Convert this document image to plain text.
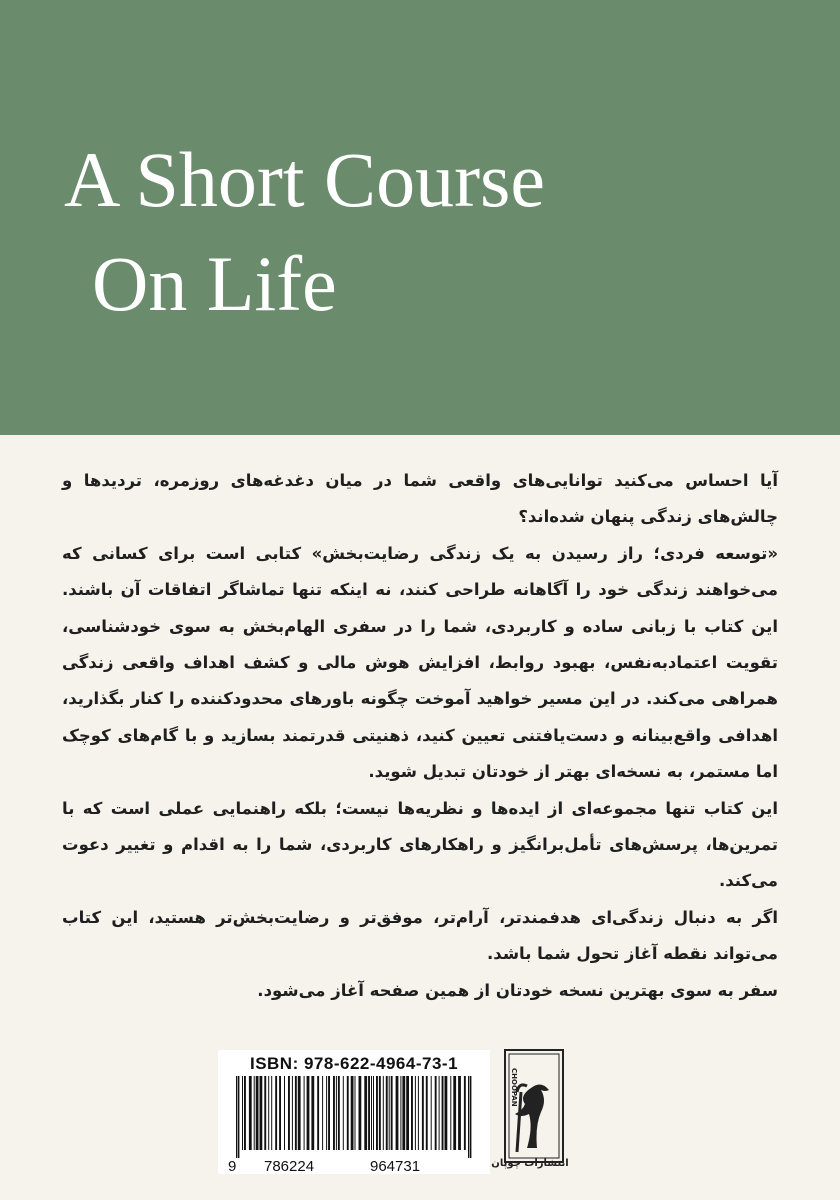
A Short Course
On Life

آیا احساس می‌کنید توانایی‌های واقعی شما در میان دغدغه‌های روزمره، تردیدها و چالش‌های زندگی پنهان شده‌اند؟

«توسعه فردی؛ راز رسیدن به یک زندگی رضایت‌بخش» کتابی است برای کسانی که می‌خواهند زندگی خود را آگاهانه طراحی کنند، نه اینکه تنها تماشاگر اتفاقات آن باشند. این کتاب با زبانی ساده و کاربردی، شما را در سفری الهام‌بخش به سوی خودشناسی، تقویت اعتمادبه‌نفس، بهبود روابط، افزایش هوش مالی و کشف اهداف واقعی زندگی همراهی می‌کند. در این مسیر خواهید آموخت چگونه باورهای محدودکننده را کنار بگذارید، اهدافی واقع‌بینانه و دست‌یافتنی تعیین کنید، ذهنیتی قدرتمند بسازید و با گام‌های کوچک اما مستمر، به نسخه‌ای بهتر از خودتان تبدیل شوید.

این کتاب تنها مجموعه‌ای از ایده‌ها و نظریه‌ها نیست؛ بلکه راهنمایی عملی است که با تمرین‌ها، پرسش‌های تأمل‌برانگیز و راهکارهای کاربردی، شما را به اقدام و تغییر دعوت می‌کند.

اگر به دنبال زندگی‌ای هدفمندتر، آرام‌تر، موفق‌تر و رضایت‌بخش‌تر هستید، این کتاب می‌تواند نقطه آغاز تحول شما باشد.

سفر به سوی بهترین نسخه خودتان از همین صفحه آغاز می‌شود.

ISBN: 978-622-4964-73-1
9 786224	964731
CHOOPAN
انتشارات چوپان
